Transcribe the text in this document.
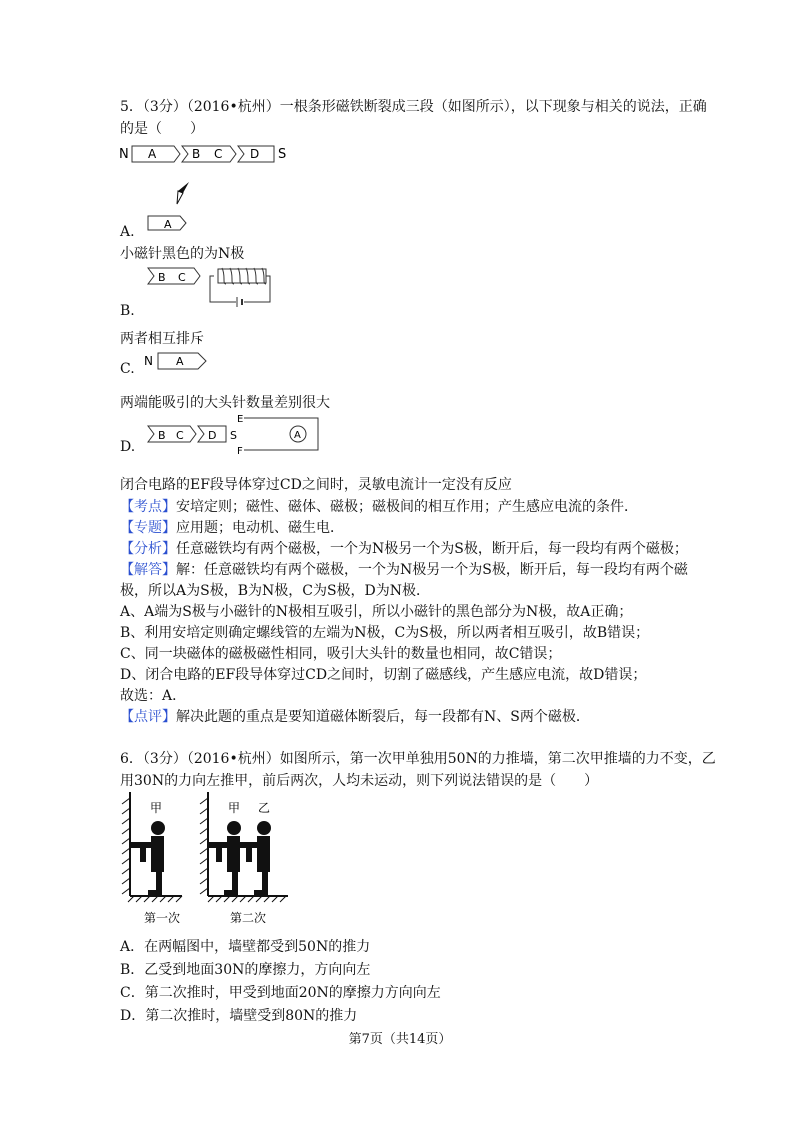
5．（3分）（2016•杭州）一根条形磁铁断裂成三段（如图所示），以下现象与相关的说法，正确
的是（　　）
N A	B C D S
A.	A
小磁针黑色的为N极
B C
B.
两者相互排斥
N A
C.
两端能吸引的大头针数量差别很大
B C D S
E
F
A
D.
闭合电路的EF段导体穿过CD之间时，灵敏电流计一定没有反应
【考点】安培定则；磁性、磁体、磁极；磁极间的相互作用；产生感应电流的条件．
【专题】应用题；电动机、磁生电．
【分析】任意磁铁均有两个磁极，一个为N极另一个为S极，断开后，每一段均有两个磁极；
【解答】解：任意磁铁均有两个磁极，一个为N极另一个为S极，断开后，每一段均有两个磁
极，所以A为S极，B为N极，C为S极，D为N极．
A、A端为S极与小磁针的N极相互吸引，所以小磁针的黑色部分为N极，故A正确；
B、利用安培定则确定螺线管的左端为N极，C为S极，所以两者相互吸引，故B错误；
C、同一块磁体的磁极磁性相同，吸引大头针的数量也相同，故C错误；
D、闭合电路的EF段导体穿过CD之间时，切割了磁感线，产生感应电流，故D错误；
故选：A．
【点评】解决此题的重点是要知道磁体断裂后，每一段都有N、S两个磁极．
6．（3分）（2016•杭州）如图所示，第一次甲单独用50N的力推墙，第二次甲推墙的力不变，乙
用30N的力向左推甲，前后两次，人均未运动，则下列说法错误的是（　　）
甲	甲 乙
第一次	第二次
A．在两幅图中，墙壁都受到50N的推力
B．乙受到地面30N的摩擦力，方向向左
C．第二次推时，甲受到地面20N的摩擦力方向向左
D．第二次推时，墙壁受到80N的推力
第7页（共14页）
